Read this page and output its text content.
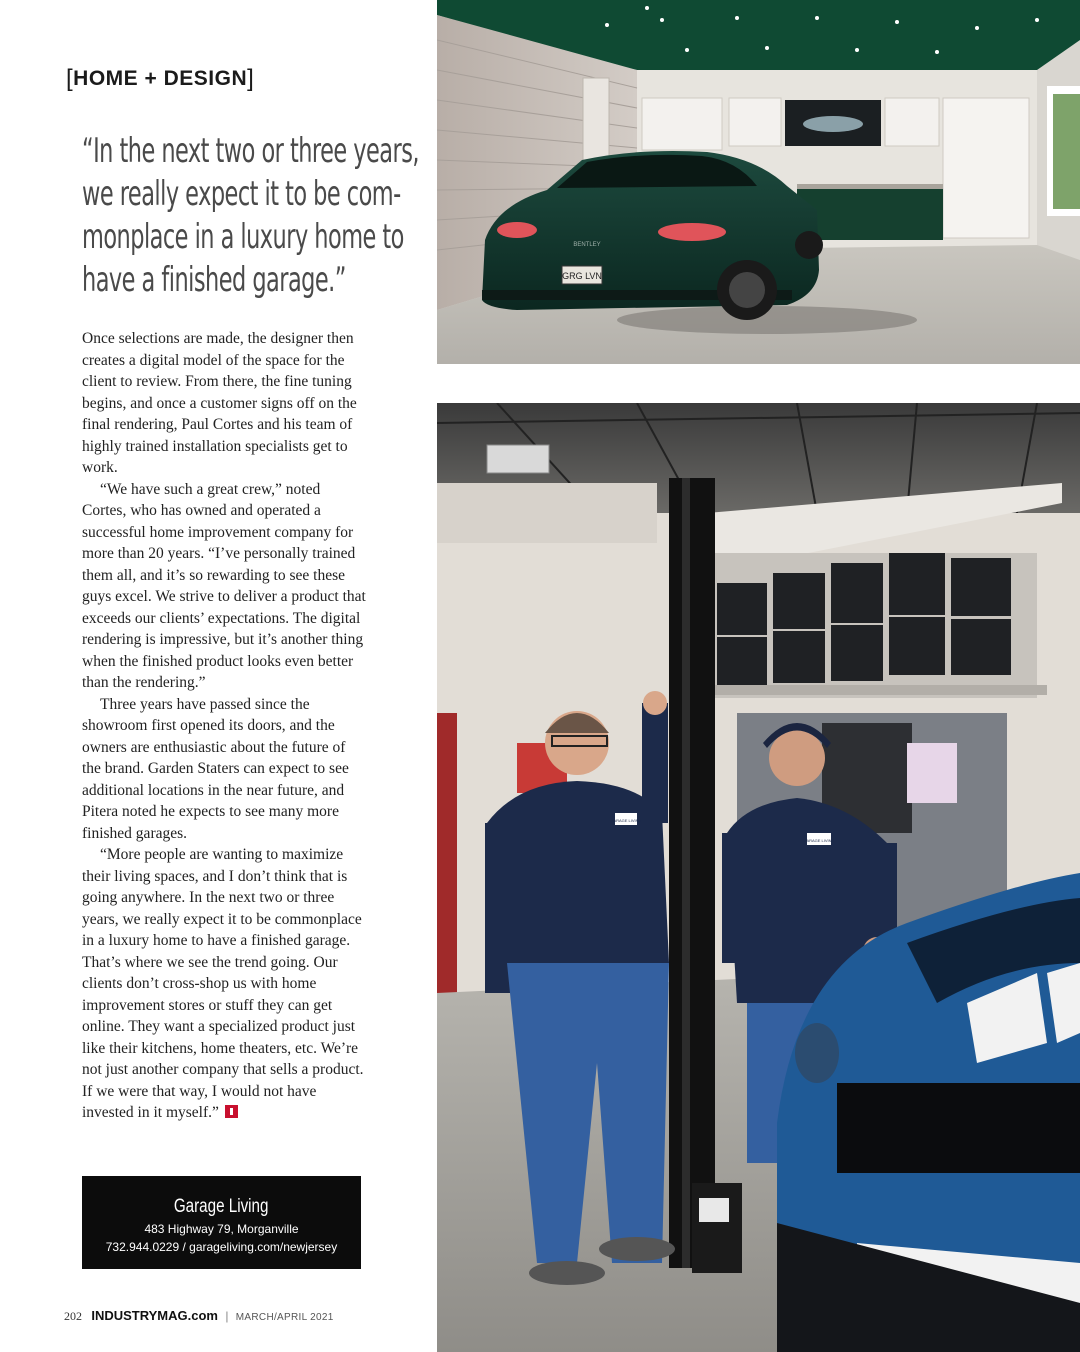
[HOME + DESIGN]
“In the next two or three years,
we really expect it to be com-
monplace in a luxury home to
have a finished garage.”

Once selections are made, the designer then creates a digital model of the space for the client to review. From there, the fine tuning begins, and once a customer signs off on the final rendering, Paul Cortes and his team of highly trained installation specialists get to work.

“We have such a great crew,” noted Cortes, who has owned and operated a successful home improvement company for more than 20 years. “I’ve personally trained them all, and it’s so rewarding to see these guys excel. We strive to deliver a product that exceeds our clients’ expectations. The digital rendering is impressive, but it’s another thing when the finished product looks even better than the rendering.”

Three years have passed since the showroom first opened its doors, and the owners are enthusiastic about the future of the brand. Garden Staters can expect to see additional locations in the near future, and Pitera noted he expects to see many more finished garages.

“More people are wanting to maximize their living spaces, and I don’t think that is going anywhere. In the next two or three years, we really expect it to be commonplace in a luxury home to have a finished garage. That’s where we see the trend going. Our clients don’t cross-shop us with home improvement stores or stuff they can get online. They want a specialized product just like their kitchens, home theaters, etc. We’re not just another company that sells a product. If we were that way, I would not have invested in it myself.”

Garage Living
483 Highway 79, Morganville
732.944.0229 / garageliving.com/newjersey
202 INDUSTRYMAG.com | MARCH/APRIL 2021
GRG LVN
BENTLEY
GARAGE LIVING
GARAGE LIVING
